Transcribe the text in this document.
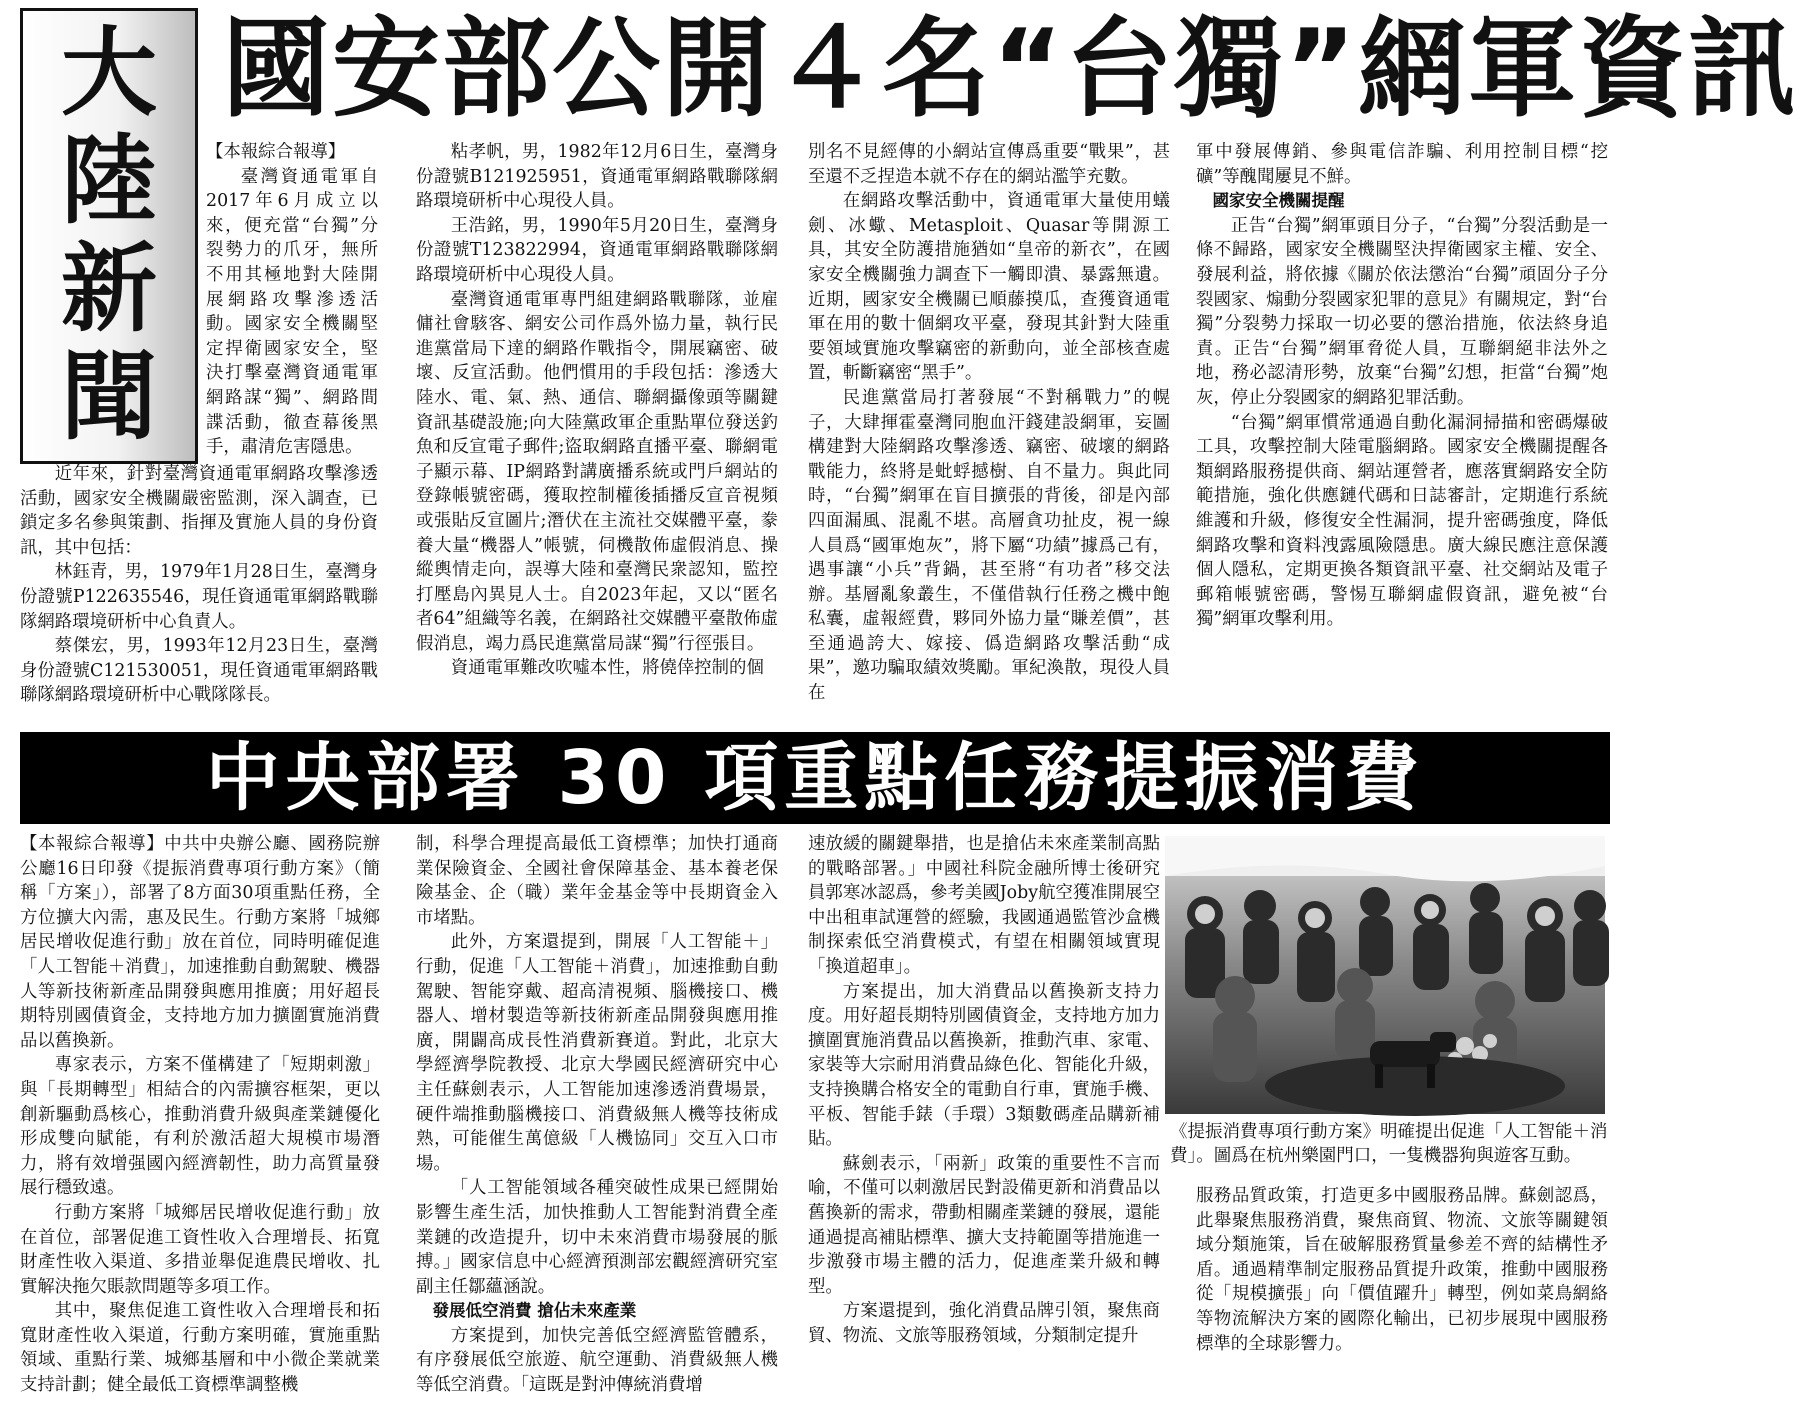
大
陸
新
聞
國安部公開４名“台獨”網軍資訊

【本報綜合報導】

臺灣資通電軍自2017年6月成立以來，便充當“台獨”分裂勢力的爪牙，無所不用其極地對大陸開展網路攻擊滲透活動。國家安全機關堅定捍衛國家安全，堅決打擊臺灣資通電軍網路謀“獨”、網路間諜活動，徹查幕後黑手，肅清危害隱患。

近年來，針對臺灣資通電軍網路攻擊滲透活動，國家安全機關嚴密監測，深入調查，已鎖定多名參與策劃、指揮及實施人員的身份資訊，其中包括：

林鈺青，男，1979年1月28日生，臺灣身份證號P122635546，現任資通電軍網路戰聯隊網路環境研析中心負責人。

蔡傑宏，男，1993年12月23日生，臺灣身份證號C121530051，現任資通電軍網路戰聯隊網路環境研析中心戰隊隊長。

粘孝帆，男，1982年12月6日生，臺灣身份證號B121925951，資通電軍網路戰聯隊網路環境研析中心現役人員。

王浩銘，男，1990年5月20日生，臺灣身份證號T123822994，資通電軍網路戰聯隊網路環境研析中心現役人員。

臺灣資通電軍專門組建網路戰聯隊，並雇傭社會駭客、網安公司作爲外協力量，執行民進黨當局下達的網路作戰指令，開展竊密、破壞、反宣活動。他們慣用的手段包括：滲透大陸水、電、氣、熱、通信、聯網攝像頭等關鍵資訊基礎設施;向大陸黨政軍企重點單位發送釣魚和反宣電子郵件;盜取網路直播平臺、聯網電子顯示幕、IP網路對講廣播系統或門戶網站的登錄帳號密碼，獲取控制權後插播反宣音視頻或張貼反宣圖片;潛伏在主流社交媒體平臺，豢養大量“機器人”帳號，伺機散佈虛假消息、操縱輿情走向，誤導大陸和臺灣民衆認知，監控打壓島內異見人士。自2023年起，又以“匿名者64”組織等名義，在網路社交媒體平臺散佈虛假消息，竭力爲民進黨當局謀“獨”行徑張目。

資通電軍難改吹噓本性，將僥倖控制的個

別名不見經傳的小網站宣傳爲重要“戰果”，甚至還不乏捏造本就不存在的網站濫竽充數。

在網路攻擊活動中，資通電軍大量使用蟻劍、冰蠍、Metasploit、Quasar等開源工具，其安全防護措施猶如“皇帝的新衣”，在國家安全機關強力調查下一觸即潰、暴露無遺。近期，國家安全機關已順藤摸瓜，查獲資通電軍在用的數十個網攻平臺，發現其針對大陸重要領域實施攻擊竊密的新動向，並全部核查處置，斬斷竊密“黑手”。

民進黨當局打著發展“不對稱戰力”的幌子，大肆揮霍臺灣同胞血汗錢建設網軍，妄圖構建對大陸網路攻擊滲透、竊密、破壞的網路戰能力，終將是蚍蜉撼樹、自不量力。與此同時，“台獨”網軍在盲目擴張的背後，卻是內部四面漏風、混亂不堪。高層貪功扯皮，視一線人員爲“國軍炮灰”，將下屬“功績”據爲己有，遇事讓“小兵”背鍋，甚至將“有功者”移交法辦。基層亂象叢生，不僅借執行任務之機中飽私囊，虛報經費，夥同外協力量“賺差價”，甚至通過誇大、嫁接、僞造網路攻擊活動“成果”，邀功騙取績效獎勵。軍紀渙散，現役人員在

軍中發展傳銷、參與電信詐騙、利用控制目標“挖礦”等醜聞屢見不鮮。

國家安全機關提醒

正告“台獨”網軍頭目分子，“台獨”分裂活動是一條不歸路，國家安全機關堅決捍衛國家主權、安全、發展利益，將依據《關於依法懲治“台獨”頑固分子分裂國家、煽動分裂國家犯罪的意見》有關規定，對“台獨”分裂勢力採取一切必要的懲治措施，依法終身追責。正告“台獨”網軍脅從人員，互聯網絕非法外之地，務必認清形勢，放棄“台獨”幻想，拒當“台獨”炮灰，停止分裂國家的網路犯罪活動。

“台獨”網軍慣常通過自動化漏洞掃描和密碼爆破工具，攻擊控制大陸電腦網路。國家安全機關提醒各類網路服務提供商、網站運營者，應落實網路安全防範措施，強化供應鏈代碼和日誌審計，定期進行系統維護和升級，修復安全性漏洞，提升密碼強度，降低網路攻擊和資料洩露風險隱患。廣大線民應注意保護個人隱私，定期更換各類資訊平臺、社交網站及電子郵箱帳號密碼，警惕互聯網虛假資訊，避免被“台獨”網軍攻擊利用。

中央部署 30 項重點任務提振消費

【本報綜合報導】中共中央辦公廳、國務院辦公廳16日印發《提振消費專項行動方案》（簡稱「方案」），部署了8方面30項重點任務，全方位擴大內需，惠及民生。行動方案將「城鄉居民增收促進行動」放在首位，同時明確促進「人工智能＋消費」，加速推動自動駕駛、機器人等新技術新產品開發與應用推廣；用好超長期特別國債資金，支持地方加力擴圍實施消費品以舊換新。

專家表示，方案不僅構建了「短期刺激」與「長期轉型」相結合的內需擴容框架，更以創新驅動爲核心，推動消費升級與產業鏈優化形成雙向賦能，有利於激活超大規模市場潛力，將有效增强國內經濟韌性，助力高質量發展行穩致遠。

行動方案將「城鄉居民增收促進行動」放在首位，部署促進工資性收入合理增長、拓寬財產性收入渠道、多措並舉促進農民增收、扎實解決拖欠賬款問題等多項工作。

其中，聚焦促進工資性收入合理增長和拓寬財產性收入渠道，行動方案明確，實施重點領域、重點行業、城鄉基層和中小微企業就業支持計劃；健全最低工資標準調整機

制，科學合理提高最低工資標準；加快打通商業保險資金、全國社會保障基金、基本養老保險基金、企（職）業年金基金等中長期資金入市堵點。

此外，方案還提到，開展「人工智能＋」行動，促進「人工智能＋消費」，加速推動自動駕駛、智能穿戴、超高清視頻、腦機接口、機器人、增材製造等新技術新產品開發與應用推廣，開闢高成長性消費新賽道。對此，北京大學經濟學院教授、北京大學國民經濟研究中心主任蘇劍表示，人工智能加速滲透消費場景，硬件端推動腦機接口、消費級無人機等技術成熟，可能催生萬億級「人機協同」交互入口市場。

「人工智能領域各種突破性成果已經開始影響生產生活，加快推動人工智能對消費全產業鏈的改造提升，切中未來消費市場發展的脈搏。」國家信息中心經濟預測部宏觀經濟研究室副主任鄒蘊涵說。

發展低空消費 搶佔未來產業

方案提到，加快完善低空經濟監管體系，有序發展低空旅遊、航空運動、消費級無人機等低空消費。「這既是對沖傳統消費增

速放緩的關鍵舉措，也是搶佔未來產業制高點的戰略部署。」中國社科院金融所博士後研究員郭寒冰認爲，參考美國Joby航空獲准開展空中出租車試運營的經驗，我國通過監管沙盒機制探索低空消費模式，有望在相關領域實現「換道超車」。

方案提出，加大消費品以舊換新支持力度。用好超長期特別國債資金，支持地方加力擴圍實施消費品以舊換新，推動汽車、家電、家裝等大宗耐用消費品綠色化、智能化升級，支持換購合格安全的電動自行車，實施手機、平板、智能手錶（手環）3類數碼產品購新補貼。

蘇劍表示，「兩新」政策的重要性不言而喻，不僅可以刺激居民對設備更新和消費品以舊換新的需求，帶動相關產業鏈的發展，還能通過提高補貼標準、擴大支持範圍等措施進一步激發市場主體的活力，促進產業升級和轉型。

方案還提到，強化消費品牌引領，聚焦商貿、物流、文旅等服務領域，分類制定提升

服務品質政策，打造更多中國服務品牌。蘇劍認爲，此舉聚焦服務消費，聚焦商貿、物流、文旅等關鍵領域分類施策，旨在破解服務質量參差不齊的結構性矛盾。通過精準制定服務品質提升政策，推動中國服務從「規模擴張」向「價值躍升」轉型，例如菜鳥網絡等物流解決方案的國際化輸出，已初步展現中國服務標準的全球影響力。

《提振消費專項行動方案》明確提出促進「人工智能＋消費」。圖爲在杭州樂園門口，一隻機器狗與遊客互動。
